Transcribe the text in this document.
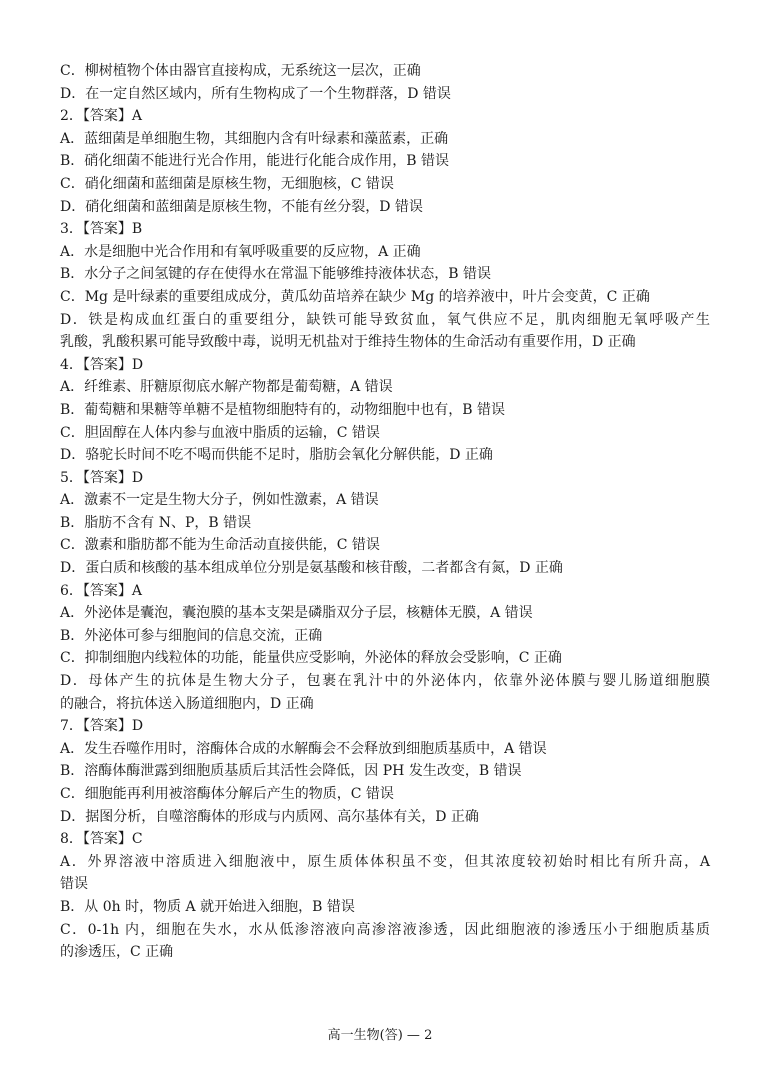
C．柳树植物个体由器官直接构成，无系统这一层次，正确
D．在一定自然区域内，所有生物构成了一个生物群落，D 错误
2．【答案】A
A．蓝细菌是单细胞生物，其细胞内含有叶绿素和藻蓝素，正确
B．硝化细菌不能进行光合作用，能进行化能合成作用，B 错误
C．硝化细菌和蓝细菌是原核生物，无细胞核，C 错误
D．硝化细菌和蓝细菌是原核生物，不能有丝分裂，D 错误
3．【答案】B
A．水是细胞中光合作用和有氧呼吸重要的反应物，A 正确
B．水分子之间氢键的存在使得水在常温下能够维持液体状态，B 错误
C．Mg 是叶绿素的重要组成成分，黄瓜幼苗培养在缺少 Mg 的培养液中，叶片会变黄，C 正确
D．铁是构成血红蛋白的重要组分，缺铁可能导致贫血，氧气供应不足，肌肉细胞无氧呼吸产生
乳酸，乳酸积累可能导致酸中毒，说明无机盐对于维持生物体的生命活动有重要作用，D 正确
4．【答案】D
A．纤维素、肝糖原彻底水解产物都是葡萄糖，A 错误
B．葡萄糖和果糖等单糖不是植物细胞特有的，动物细胞中也有，B 错误
C．胆固醇在人体内参与血液中脂质的运输，C 错误
D．骆驼长时间不吃不喝而供能不足时，脂肪会氧化分解供能，D 正确
5．【答案】D
A．激素不一定是生物大分子，例如性激素，A 错误
B．脂肪不含有 N、P，B 错误
C．激素和脂肪都不能为生命活动直接供能，C 错误
D．蛋白质和核酸的基本组成单位分别是氨基酸和核苷酸，二者都含有氮，D 正确
6．【答案】A
A．外泌体是囊泡，囊泡膜的基本支架是磷脂双分子层，核糖体无膜，A 错误
B．外泌体可参与细胞间的信息交流，正确
C．抑制细胞内线粒体的功能，能量供应受影响，外泌体的释放会受影响，C 正确
D．母体产生的抗体是生物大分子，包裹在乳汁中的外泌体内，依靠外泌体膜与婴儿肠道细胞膜
的融合，将抗体送入肠道细胞内，D 正确
7．【答案】D
A．发生吞噬作用时，溶酶体合成的水解酶会不会释放到细胞质基质中，A 错误
B．溶酶体酶泄露到细胞质基质后其活性会降低，因 PH 发生改变，B 错误
C．细胞能再利用被溶酶体分解后产生的物质，C 错误
D．据图分析，自噬溶酶体的形成与内质网、高尔基体有关，D 正确
8．【答案】C
A．外界溶液中溶质进入细胞液中，原生质体体积虽不变，但其浓度较初始时相比有所升高，A
错误
B．从 0h 时，物质 A 就开始进入细胞，B 错误
C．0-1h 内，细胞在失水，水从低渗溶液向高渗溶液渗透，因此细胞液的渗透压小于细胞质基质
的渗透压，C 正确
高一生物(答) — 2
